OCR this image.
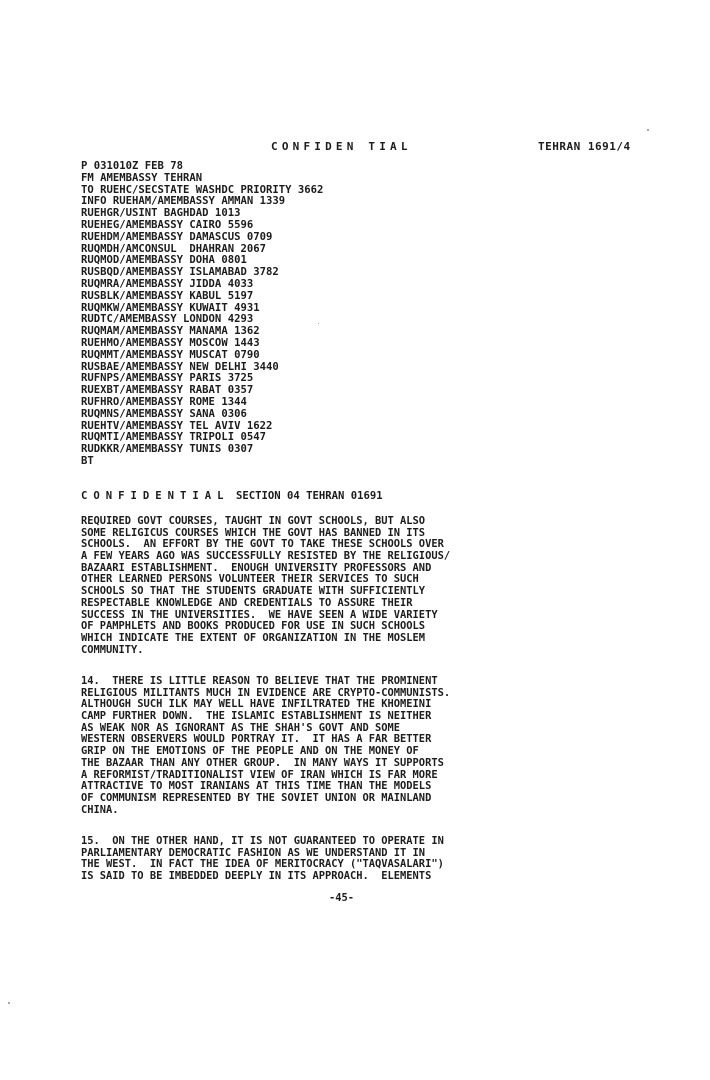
CONFIDEN TIAL	TEHRAN 1691/4
P 031010Z FEB 78
FM AMEMBASSY TEHRAN
TO RUEHC/SECSTATE WASHDC PRIORITY 3662
INFO RUEHAM/AMEMBASSY AMMAN 1339
RUEHGR/USINT BAGHDAD 1013
RUEHEG/AMEMBASSY CAIRO 5596
RUEHDM/AMEMBASSY DAMASCUS 0709
RUQMDH/AMCONSUL  DHAHRAN 2067
RUQMOD/AMEMBASSY DOHA 0801
RUSBQD/AMEMBASSY ISLAMABAD 3782
RUQMRA/AMEMBASSY JIDDA 4033
RUSBLK/AMEMBASSY KABUL 5197
RUQMKW/AMEMBASSY KUWAIT 4931
RUDTC/AMEMBASSY LONDON 4293
RUQMAM/AMEMBASSY MANAMA 1362
RUEHMO/AMEMBASSY MOSCOW 1443
RUQMMT/AMEMBASSY MUSCAT 0790
RUSBAE/AMEMBASSY NEW DELHI 3440
RUFNPS/AMEMBASSY PARIS 3725
RUEXBT/AMEMBASSY RABAT 0357
RUFHRO/AMEMBASSY ROME 1344
RUQMNS/AMEMBASSY SANA 0306
RUEHTV/AMEMBASSY TEL AVIV 1622
RUQMTI/AMEMBASSY TRIPOLI 0547
RUDKKR/AMEMBASSY TUNIS 0307
BT
CONFIDENTIAL SECTION 04 TEHRAN 01691
REQUIRED GOVT COURSES, TAUGHT IN GOVT SCHOOLS, BUT ALSO
SOME RELIGICUS COURSES WHICH THE GOVT HAS BANNED IN ITS
SCHOOLS.  AN EFFORT BY THE GOVT TO TAKE THESE SCHOOLS OVER
A FEW YEARS AGO WAS SUCCESSFULLY RESISTED BY THE RELIGIOUS/
BAZAARI ESTABLISHMENT.  ENOUGH UNIVERSITY PROFESSORS AND
OTHER LEARNED PERSONS VOLUNTEER THEIR SERVICES TO SUCH
SCHOOLS SO THAT THE STUDENTS GRADUATE WITH SUFFICIENTLY
RESPECTABLE KNOWLEDGE AND CREDENTIALS TO ASSURE THEIR
SUCCESS IN THE UNIVERSITIES.  WE HAVE SEEN A WIDE VARIETY
OF PAMPHLETS AND BOOKS PRODUCED FOR USE IN SUCH SCHOOLS
WHICH INDICATE THE EXTENT OF ORGANIZATION IN THE MOSLEM
COMMUNITY.
14.  THERE IS LITTLE REASON TO BELIEVE THAT THE PROMINENT
RELIGIOUS MILITANTS MUCH IN EVIDENCE ARE CRYPTO-COMMUNISTS.
ALTHOUGH SUCH ILK MAY WELL HAVE INFILTRATED THE KHOMEINI
CAMP FURTHER DOWN.  THE ISLAMIC ESTABLISHMENT IS NEITHER
AS WEAK NOR AS IGNORANT AS THE SHAH'S GOVT AND SOME
WESTERN OBSERVERS WOULD PORTRAY IT.  IT HAS A FAR BETTER
GRIP ON THE EMOTIONS OF THE PEOPLE AND ON THE MONEY OF
THE BAZAAR THAN ANY OTHER GROUP.  IN MANY WAYS IT SUPPORTS
A REFORMIST/TRADITIONALIST VIEW OF IRAN WHICH IS FAR MORE
ATTRACTIVE TO MOST IRANIANS AT THIS TIME THAN THE MODELS
OF COMMUNISM REPRESENTED BY THE SOVIET UNION OR MAINLAND
CHINA.
15.  ON THE OTHER HAND, IT IS NOT GUARANTEED TO OPERATE IN
PARLIAMENTARY DEMOCRATIC FASHION AS WE UNDERSTAND IT IN
THE WEST.  IN FACT THE IDEA OF MERITOCRACY ("TAQVASALARI")
IS SAID TO BE IMBEDDED DEEPLY IN ITS APPROACH.  ELEMENTS
-45-
